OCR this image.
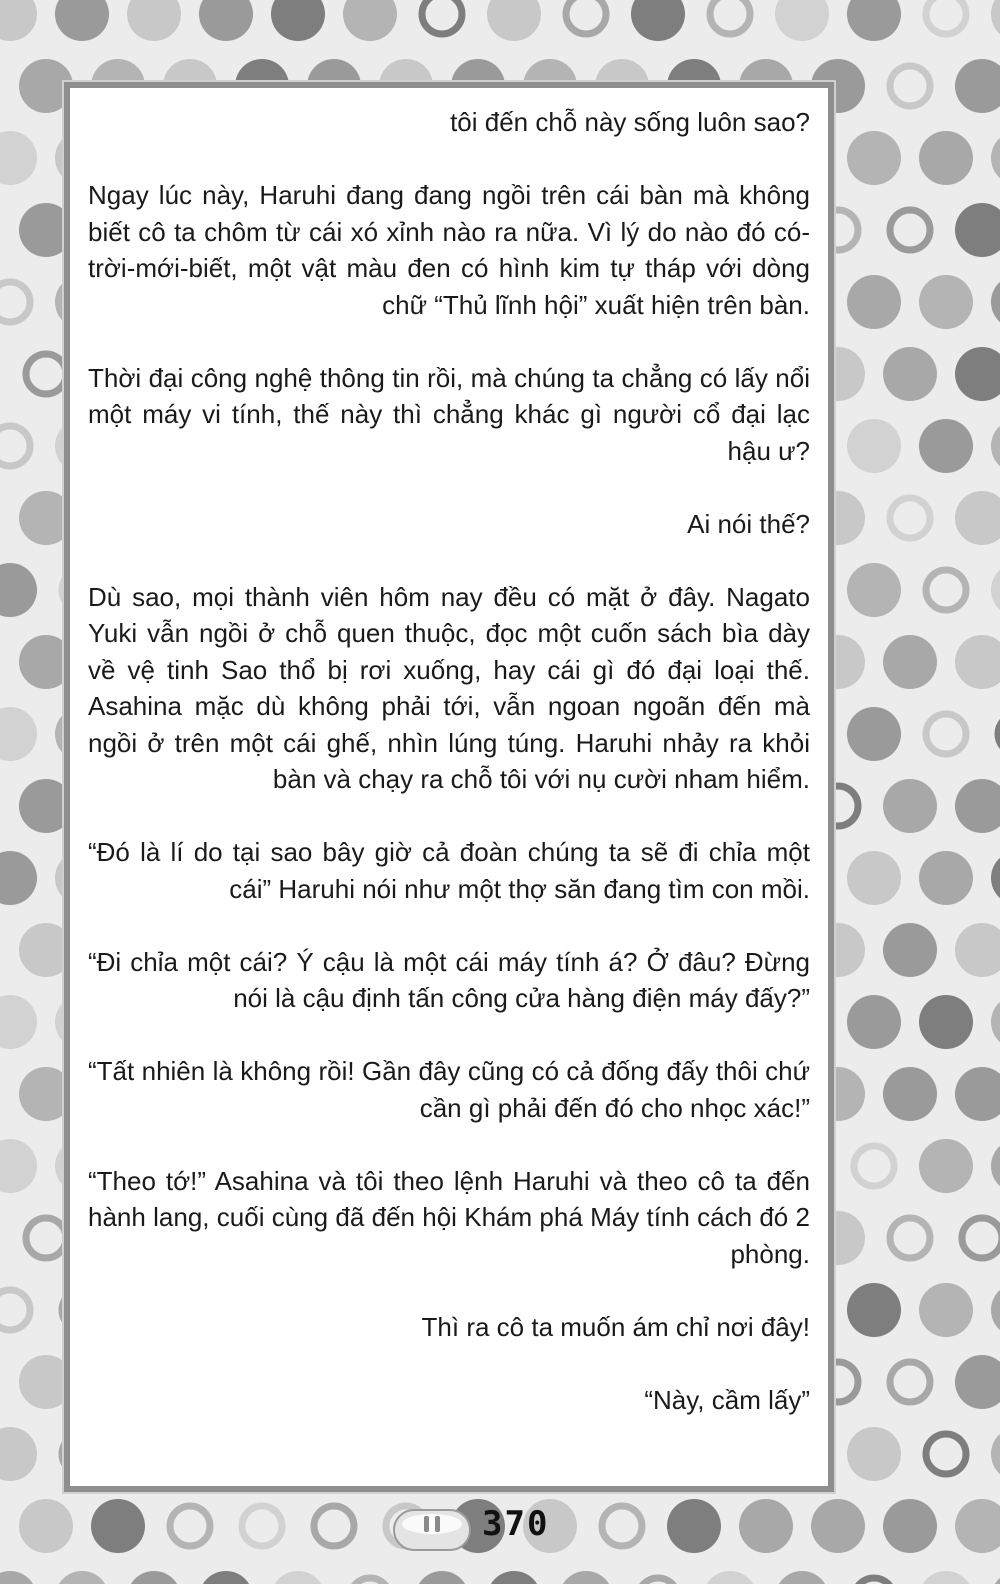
tôi đến chỗ này sống luôn sao?

Ngay lúc này, Haruhi đang đang ngồi trên cái bàn mà không biết cô ta chôm từ cái xó xỉnh nào ra nữa. Vì lý do nào đó có-trời-mới-biết, một vật màu đen có hình kim tự tháp với dòng chữ “Thủ lĩnh hội” xuất hiện trên bàn.

Thời đại công nghệ thông tin rồi, mà chúng ta chẳng có lấy nổi một máy vi tính, thế này thì chẳng khác gì người cổ đại lạc hậu ư?

Ai nói thế?

Dù sao, mọi thành viên hôm nay đều có mặt ở đây. Nagato Yuki vẫn ngồi ở chỗ quen thuộc, đọc một cuốn sách bìa dày về vệ tinh Sao thổ bị rơi xuống, hay cái gì đó đại loại thế. Asahina mặc dù không phải tới, vẫn ngoan ngoãn đến mà ngồi ở trên một cái ghế, nhìn lúng túng. Haruhi nhảy ra khỏi bàn và chạy ra chỗ tôi với nụ cười nham hiểm.

“Đó là lí do tại sao bây giờ cả đoàn chúng ta sẽ đi chỉa một cái” Haruhi nói như một thợ săn đang tìm con mồi.

“Đi chỉa một cái? Ý cậu là một cái máy tính á? Ở đâu? Đừng nói là cậu định tấn công cửa hàng điện máy đấy?”

“Tất nhiên là không rồi! Gần đây cũng có cả đống đấy thôi chứ cần gì phải đến đó cho nhọc xác!”

“Theo tớ!” Asahina và tôi theo lệnh Haruhi và theo cô ta đến hành lang, cuối cùng đã đến hội Khám phá Máy tính cách đó 2 phòng.

Thì ra cô ta muốn ám chỉ nơi đây!

“Này, cầm lấy”

370
